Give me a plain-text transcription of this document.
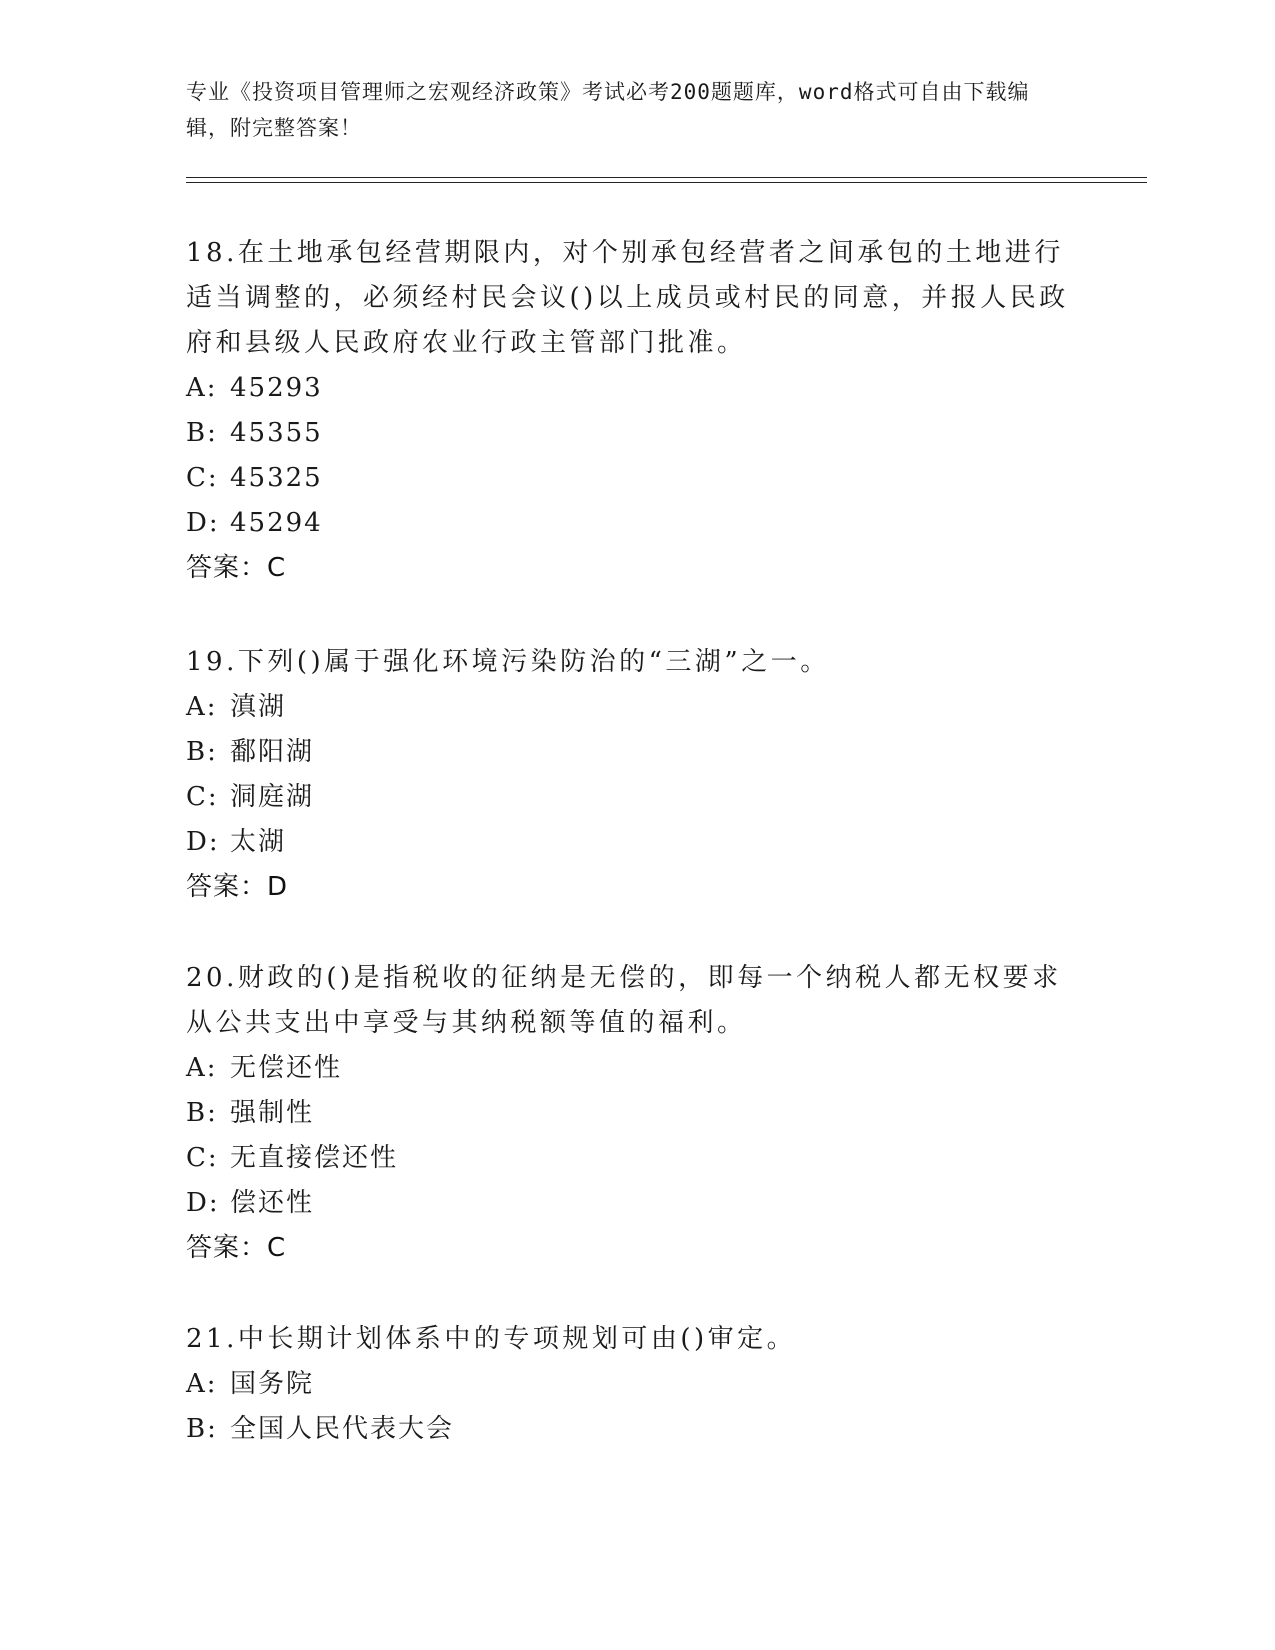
专业《投资项目管理师之宏观经济政策》考试必考200题题库，word格式可自由下载编辑，附完整答案！

18.在土地承包经营期限内，对个别承包经营者之间承包的土地进行适当调整的，必须经村民会议()以上成员或村民的同意，并报人民政府和县级人民政府农业行政主管部门批准。

A: 45293
B: 45355
C: 45325
D: 45294
答案：C

19.下列()属于强化环境污染防治的“三湖”之一。

A: 滇湖
B: 鄱阳湖
C: 洞庭湖
D: 太湖
答案：D

20.财政的()是指税收的征纳是无偿的，即每一个纳税人都无权要求从公共支出中享受与其纳税额等值的福利。

A: 无偿还性
B: 强制性
C: 无直接偿还性
D: 偿还性
答案：C

21.中长期计划体系中的专项规划可由()审定。

A: 国务院
B: 全国人民代表大会
